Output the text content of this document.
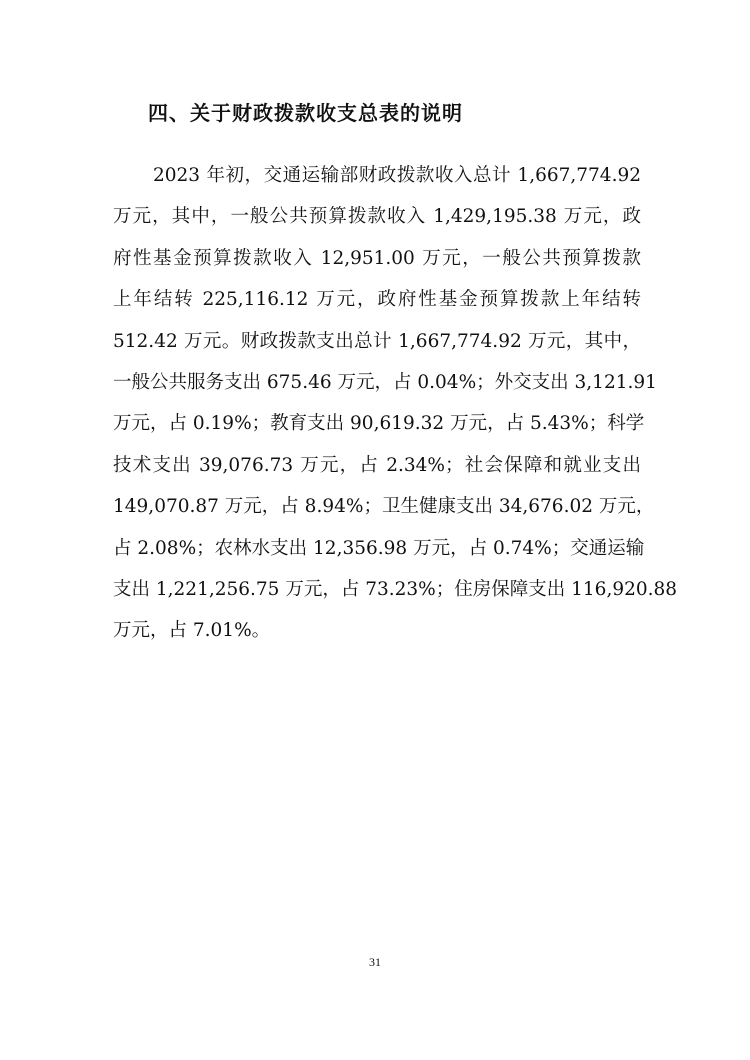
四、关于财政拨款收支总表的说明
2023 年初，交通运输部财政拨款收入总计 1,667,774.92
万元，其中，一般公共预算拨款收入 1,429,195.38 万元，政
府性基金预算拨款收入 12,951.00 万元，一般公共预算拨款
上年结转 225,116.12 万元，政府性基金预算拨款上年结转
512.42 万元。财政拨款支出总计 1,667,774.92 万元，其中，
一般公共服务支出 675.46 万元，占 0.04%；外交支出 3,121.91
万元，占 0.19%；教育支出 90,619.32 万元，占 5.43%；科学
技术支出 39,076.73 万元，占 2.34%；社会保障和就业支出
149,070.87 万元，占 8.94%；卫生健康支出 34,676.02 万元，
占 2.08%；农林水支出 12,356.98 万元，占 0.74%；交通运输
支出 1,221,256.75 万元，占 73.23%；住房保障支出 116,920.88
万元，占 7.01%。
31
